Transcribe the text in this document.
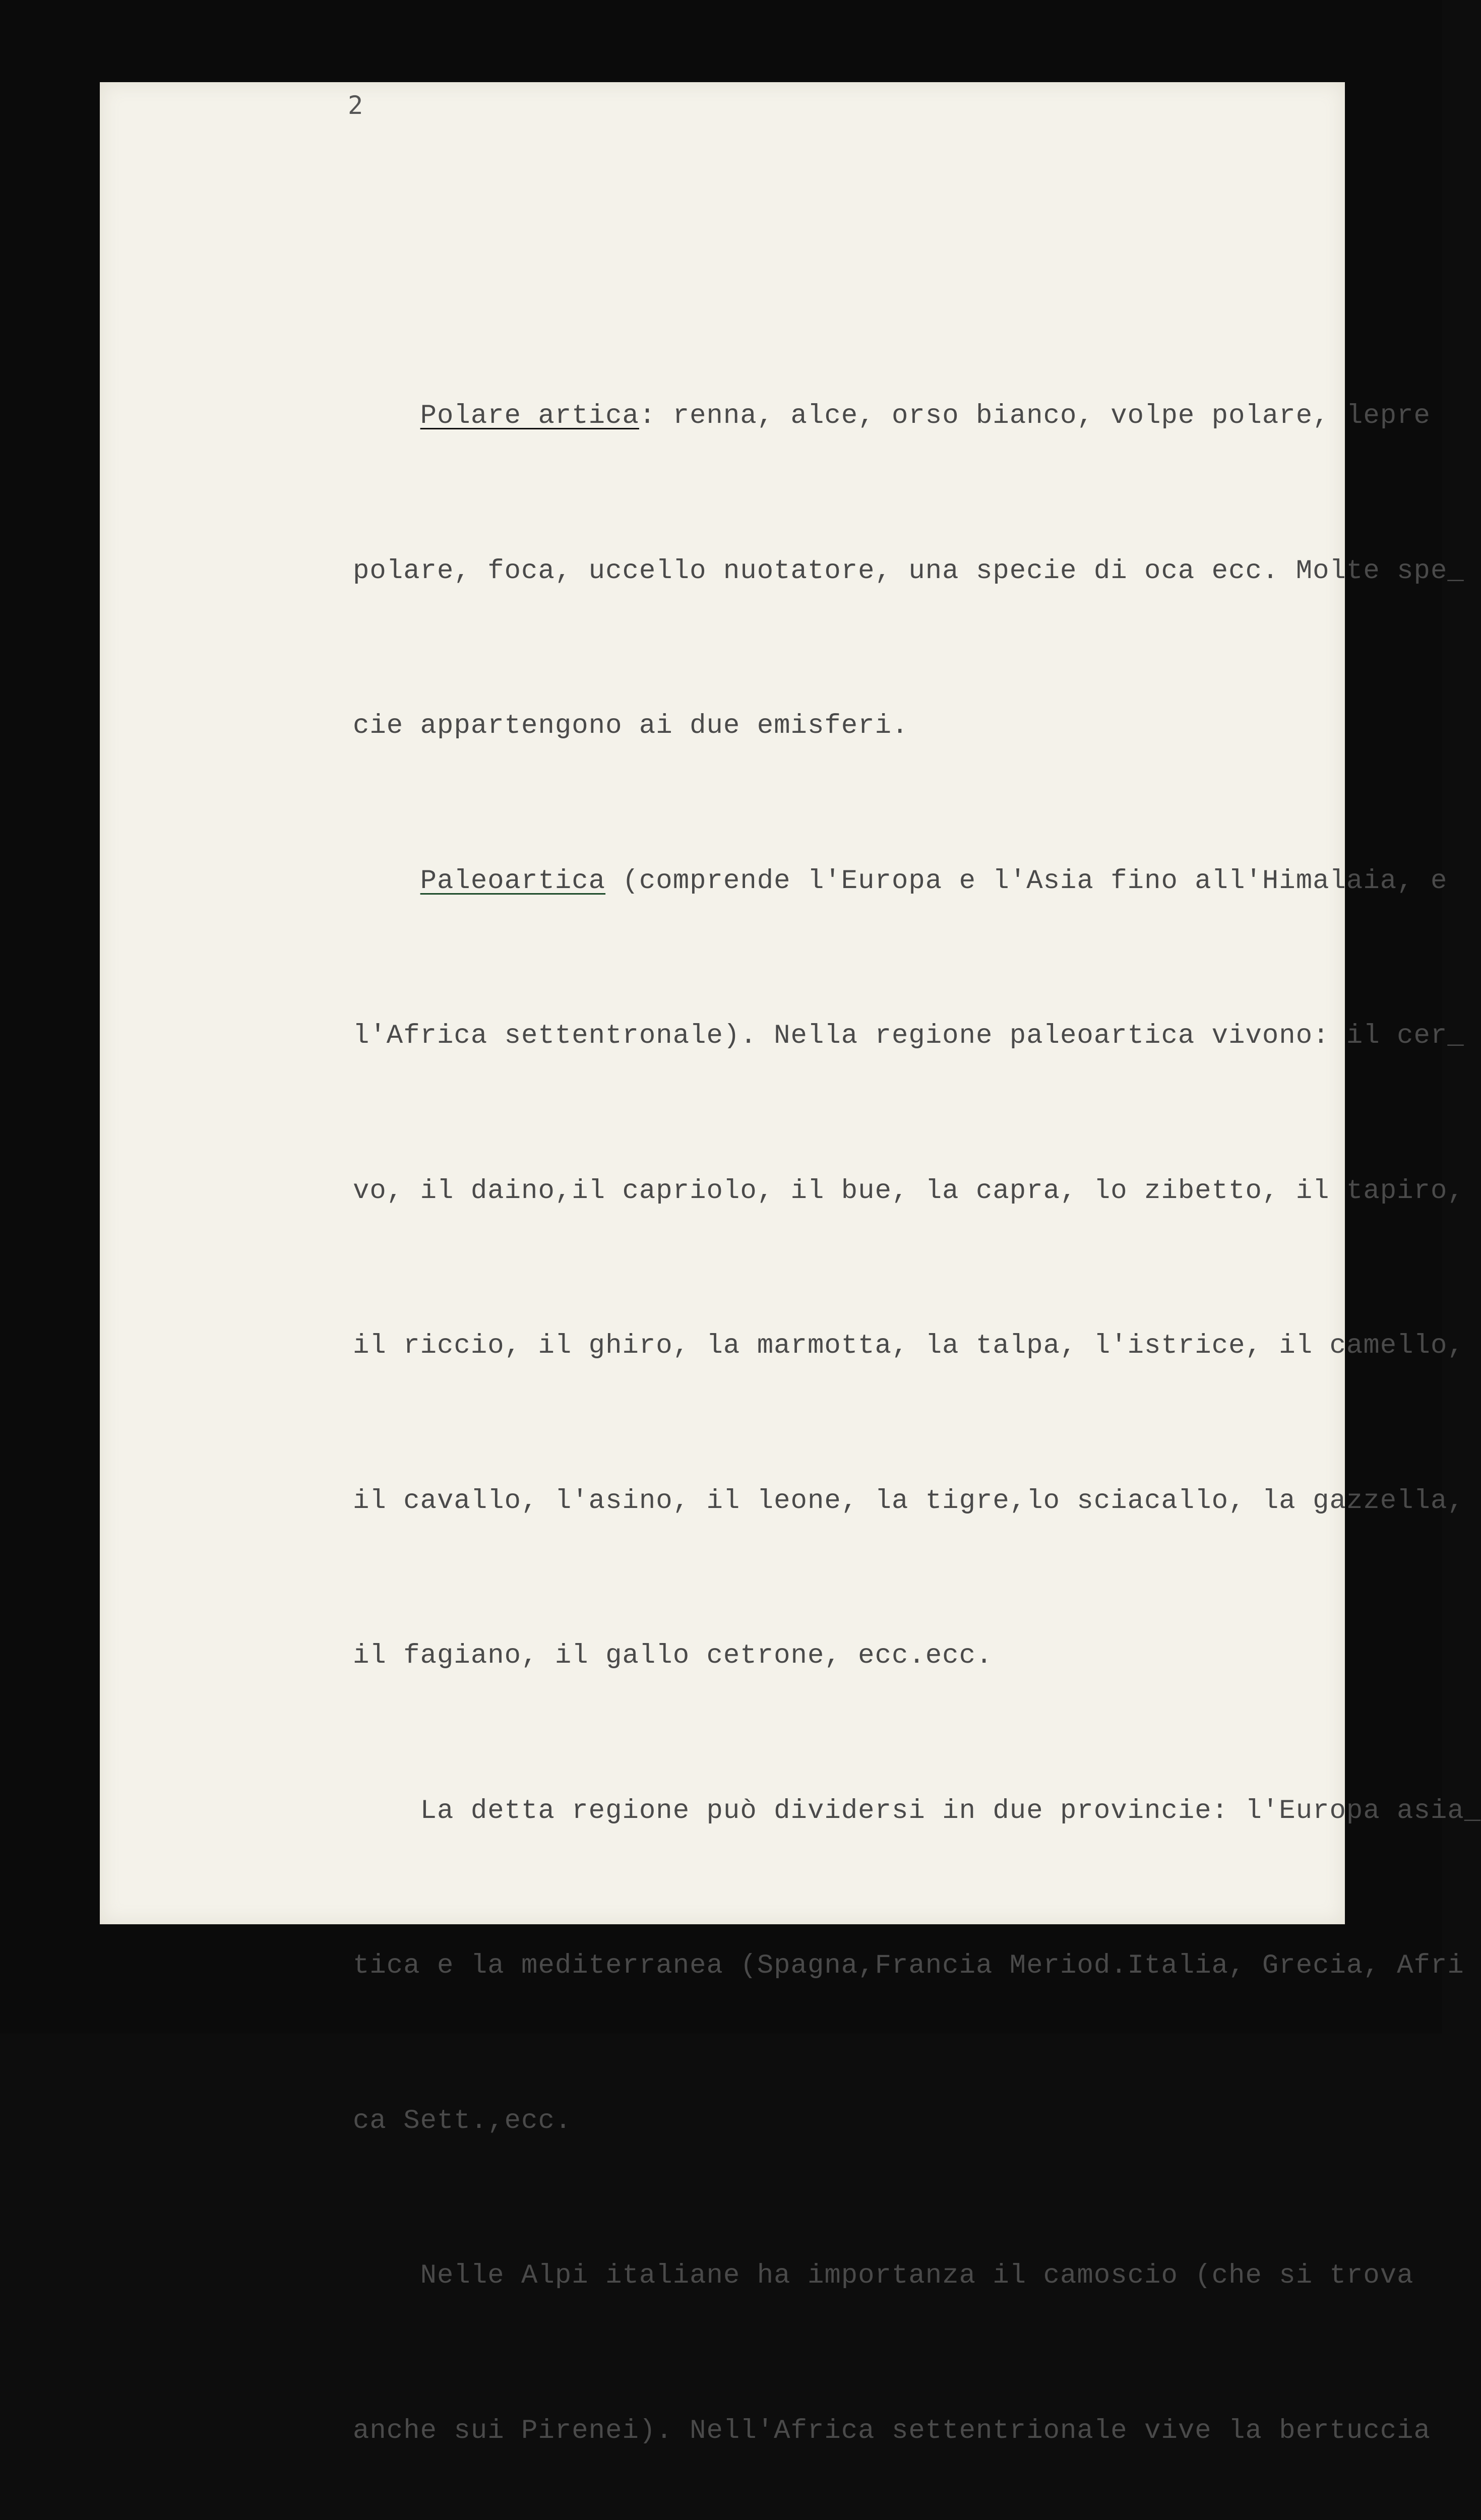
2

Polare artica: renna, alce, orso bianco, volpe polare, lepre

polare, foca, uccello nuotatore, una specie di oca ecc. Molte spe_

cie appartengono ai due emisferi.

Paleoartica (comprende l'Europa e l'Asia fino all'Himalaia, e

l'Africa settentronale). Nella regione paleoartica vivono: il cer_

vo, il daino,il capriolo, il bue, la capra, lo zibetto, il tapiro,

il riccio, il ghiro, la marmotta, la talpa, l'istrice, il camello,

il cavallo, l'asino, il leone, la tigre,lo sciacallo, la gazzella,

il fagiano, il gallo cetrone, ecc.ecc.

La detta regione può dividersi in due provincie: l'Europa asia_

tica e la mediterranea (Spagna,Francia Meriod.Italia, Grecia, Afri

ca Sett.,ecc.

Nelle Alpi italiane ha importanza il camoscio (che si trova

anche sui Pirenei). Nell'Africa settentrionale vive la bertuccia
